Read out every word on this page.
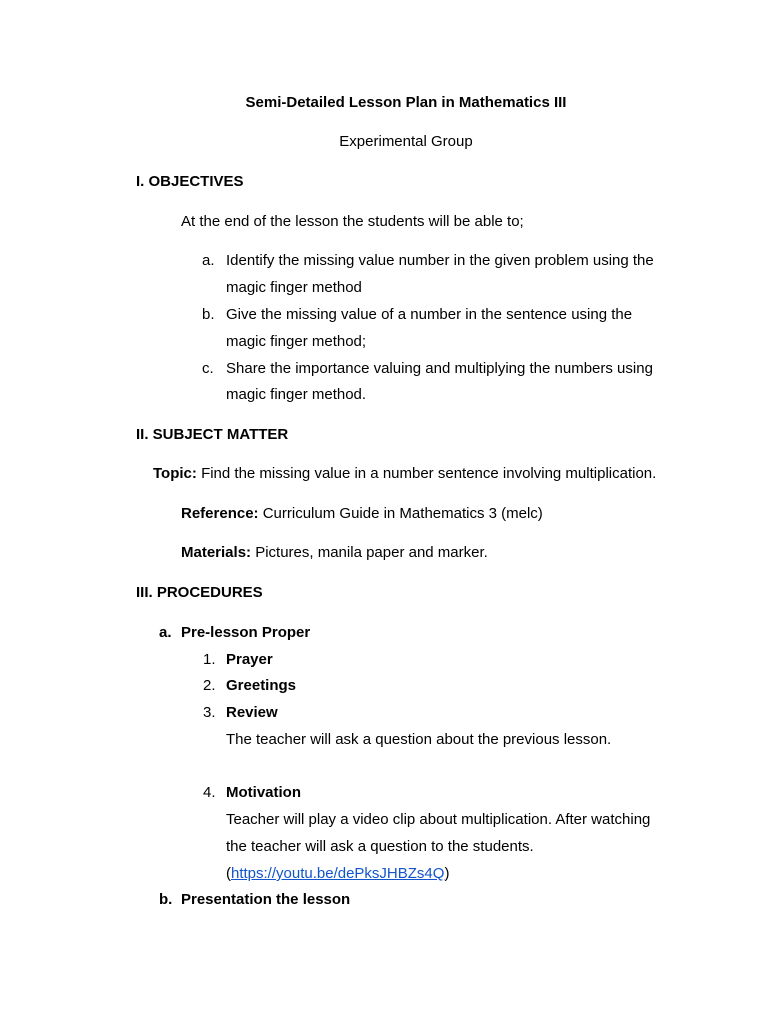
Semi-Detailed Lesson Plan in Mathematics III
Experimental Group
I. OBJECTIVES
At the end of the lesson the students will be able to;
a. Identify the missing value number in the given problem using the
magic finger method
b. Give the missing value of a number in the sentence using the
magic finger method;
c. Share the importance valuing and multiplying the numbers using
magic finger method.
II. SUBJECT MATTER
Topic: Find the missing value in a number sentence involving multiplication.
Reference: Curriculum Guide in Mathematics 3 (melc)
Materials: Pictures, manila paper and marker.
III. PROCEDURES
a. Pre-lesson Proper
1. Prayer
2. Greetings
3. Review
The teacher will ask a question about the previous lesson.
4. Motivation
Teacher will play a video clip about multiplication. After watching
the teacher will ask a question to the students.
(https://youtu.be/dePksJHBZs4Q)
b. Presentation the lesson
